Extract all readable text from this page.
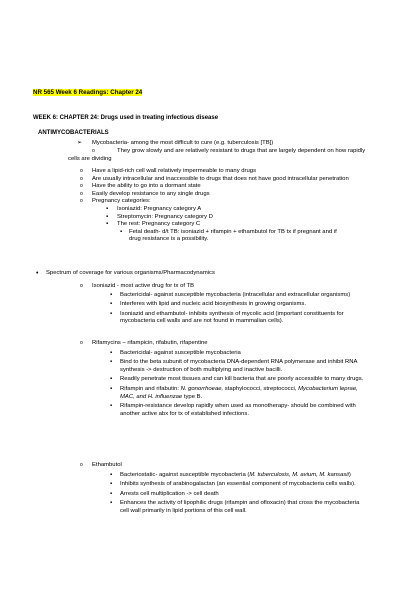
NR 565 Week 6 Readings: Chapter 24
WEEK 6: CHAPTER 24: Drugs used in treating infectious disease
ANTIMYCOBACTERIALS
➢ Mycobacteria- among the most difficult to cure (e.g. tuberculosis [TB])
o	They grow slowly and are relatively resistant to drugs that are largely dependent on how rapidly cells are dividing
o Have a lipid-rich cell wall relatively impermeable to many drugs
o Are usually intracellular and inaccessible to drugs that does not have good intracellular penetration
o Have the ability to go into a dormant state
o Easily develop resistance to any single drugs
o Pregnancy categories:
▪ Isoniazid: Pregnancy category A
▪ Streptomycin: Pregnancy category D
▪ The rest: Pregnancy category C
▪ Fetal death- d/t TB: isoniazid + rifampin + ethambutol for TB tx if pregnant and if drug resistance is a possibility.
• Spectrum of coverage for various organisms/Pharmacodynamics
o Isoniazid - most active drug for tx of TB
▪ Bactericidal- against susceptible mycobacteria (intracellular and extracellular organisms)
▪ Interferes with lipid and nucleic acid biosynthesis in growing organisms.
▪ Isoniazid and ethambutol- inhibits synthesis of mycolic acid (important constituents for mycobacteria cell walls and are not found in mammalian cells).
o Rifamycins – rifampicin, rifabutin, rifapentine
▪ Bactericidal- against susceptible mycobacteria
▪ Bind to the beta subunit of mycobacteria DNA-dependent RNA polymerase and inhibit RNA synthesis -> destruction of both multiplying and inactive bacilli.
▪ Readily penetrate most tissues and can kill bacteria that are poorly accessible to many drugs.
▪ Rifampin and rifabutin: N. gonorrhoeae, staphylococci, streptococci, Mycobacterium leprae, MAC, and H. influenzae type B.
▪ Rifampin-resistance develop rapidly when used as monotherapy- should be combined with another active abx for tx of established infections.
o Ethambutol
▪ Bacteriostatic- against susceptible mycobacteria (M. tuberculosis, M. avium, M. kansasii)
▪ Inhibits synthesis of arabinogalactan (an essential component of mycobacteria cells walls).
▪ Arrests cell multiplication -> cell death
▪ Enhances the activity of lipophilic drugs (rifampin and ofloxacin) that cross the mycobacteria cell wall primarily in lipid portions of this cell wall.
